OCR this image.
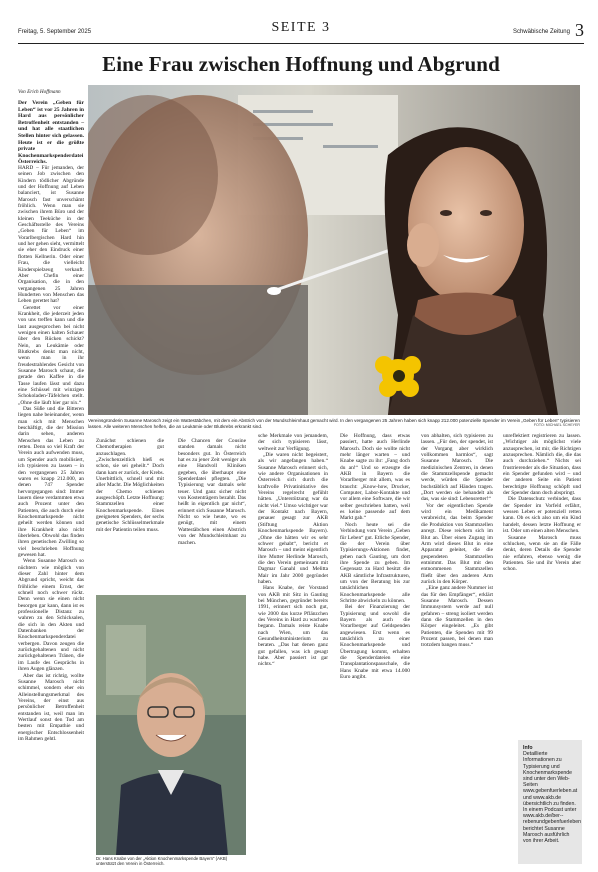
Freitag, 5. September 2025	SEITE 3	Schwäbische Zeitung 3
Eine Frau zwischen Hoffnung und Abgrund
Von Erich Hoffmann
Der Verein „Geben für Leben“ ist vor 25 Jahren in Hard aus persönlicher Betroffenheit entstanden – und hat alle staatlichen Stellen hinter sich gelassen. Heute ist er die größte private Knochenmarkspenderdatei Österreichs.
Vereinsgründerin Susanne Marosch zeigt ein Wattestäbchen, mit dem ein Abstrich von der Mundschleimhaut gemacht wird. In den vergangenen 25 Jahren haben sich knapp 212.000 potenzielle Spender im Verein „Geben für Leben“ typisieren lassen. Alle weiteren Menschen helfen, die an Leukämie oder Blutkrebs erkrankt sind.	FOTO: MICHAEL SCHEYER

HARD – Für jemanden, der seinen Job zwischen den Kindern tödlicher Abgründe und der Hoffnung auf Leben balanciert, ist Susanne Marosch fast unverschämt fröhlich. Wenn man sie zwischen ihrem Büro und der kleinen Teeküche in der Geschäftsstelle des Vereins „Geben für Leben“ im Vorarlbergischen Hard hin und her gehen sieht, vermittelt sie eher den Eindruck einer flotten Kellnerin. Oder einer Frau, die vielleicht Kinderspielzeug verkauft. Aber Chefin einer Organisation, die in den vergangenen 25 Jahren Hunderten von Menschen das Leben gerettet hat?

Gerettet vor einer Krankheit, die jederzeit jeden von uns treffen kann und die laut ausgesprochen bei nicht wenigen einen kalten Schauer über den Rücken schickt? Nein, an Leukämie oder Blutkrebs denkt man nicht, wenn man in ihr freudestrahlendes Gesicht von Susanne Marosch schaut, die gerade den Kaffee in die Tasse laufen lässt und dazu eine Schüssel mit winzigen Schokoladen-Täfelchen stellt. „Ohne die läuft hier gar nix.“

Das Süße und die Bitteren liegen nahe beieinander, wenn man sich mit Menschen beschäftigt, die der Mission darin sehen, anderen Menschen das Leben zu retten. Denn so viel Kraft der Verein auch aufwenden muss, um Spender auch mobilisiert, ich typisieren zu lassen – in den vergangenen 25 Jahren waren es knapp 212.000, an denen 747 Spender hervorgegangen sind: Immer lauern diese verdammten etwa auch Prozent unter den Patienten, die auch durch eine Knochenmarkspende nicht geheilt werden können und ihre Krankheit also nicht überleben. Obwohl das finden ihren genetischen Zwilling so viel beschrieben Hoffnung gewesen hat.

Wenn Susanne Marosch so nüchtern wie möglich von dieser Zahl hinter dem Abgrund spricht, weicht das fröhliche einem Ernst, der schnell noch schwer rückt. Denn wenn sie einen nicht besorgen gar kann, dann ist es professionelle Distanz zu wahren zu den Schicksalen, die sich in den Akten und Datenbanken der Knochenmarkspenderdatei verbergen. Davon zeugen die zurückgehaltenen und nicht zurückgehaltenen Tränen, die im Laufe des Gesprächs in ihren Augen glänzen.

Aber das ist richtig, wollte Susanne Marosch nicht schimmel, sondern eher ein Alleinstellungsmerkmal des Vereins, der einst aus persönlicher Betroffenheit entstanden ist, weil man im Wertlauf sonst den Tod am besten mit Empathie und energischer Entschlossenheit im Rahmen gehtl.

Zunächst schienen die Chemotherapien gut anzuschlagen. „Zwischenzeitlich hieß es schon, sie sei geheilt.“ Doch dann kam er zurück, der Krebs. Unerbittlich, schnell und mit aller Macht. Die Möglichkeiten der Chemo schienen ausgeschöpft. Letzte Hoffnung: Stammzellen einer Knochenmarkspende. Eines geeigneten Spenders, der sechs genetische Schlüsselmerkmale mit der Patientin teilen muss.

Die Chancen der Cousine standen damals nicht besonders gut. In Österreich hat es zu jener Zeit weniger als eine Handvoll Kliniken gegeben, die überhaupt eine Spenderdatei pflegten. „Die Typisierung war damals sehr teuer. Und ganz sicher nicht von Kostenträgern bezahlt. Das heißt in eigentlich gar nicht“, erinnert sich Susanne Marosch. Nicht so wie heute, wo es genügt, mit einem Wattestäbchen einen Abstrich von der Mundschleimhaut zu machen.

Dr. Hans Knabe von der „Aktion Knochenmarkspende Bayern“ (AKB) unterstützt den Verein in Österreich.

sche Merkmale von jemandem, der sich typisieren lässt, weltweit zur Verfügung.

„Die waren nicht begeistert, als wir angefangen haben.“ Susanne Marosch erinnert sich, wie andere Organisationen in Österreich sich durch die kraftvolle Privatinitiative des Vereins regelrecht gefühlt hätten. „Unterstützung war da nicht viel.“ Umso wichtiger war der Kontakt nach Bayern, genauer gesagt zur AKB (Stiftung Aktion Knochenmarkspende Bayern). „Ohne die hätten wir es sehr schwer gehabt“, bericht et Marosch – und meint eigentlich ihre Mutter Herlinde Marosch, die den Verein gemeinsam mit Dagmar Ganahl und Melitta Mair im Jahr 2000 gegründet haben.

Hans Knabe, der Vorstand von AKB mit Sitz in Gauting bei München, gegründet bereits 1991, erinnert sich noch gut, wie 2000 das kurze Pflänzchen des Vereins in Hard zu wachsen begann. Damals reiste Knabe nach Wien, um das Gesundheitsministerium zu beraten. „Das hat denen ganz gut gefallen, was ich gesagt habe. Aber passiert ist gar nichts.“

Die Hoffnung, dass etwas passiert, hatte auch Herlinde Marosch. Doch sie wollte nicht mehr länger warten – und Knabe sagte zu ihr: „Fang doch du an!“ Und so erzeugte die AKB in Bayern die Vorarlberger mit allem, was es braucht: „Know-how, Drucker, Computer, Labor-Kontakte und vor allem eine Software, die wir selber geschrieben hatten, weil es keine passende auf dem Markt gab.“

Noch heute sei die Verbindung vom Verein „Geben für Leben“ gut. Etliche Spender, die der Verein über Typisierungs-Aktionen findet, gehen nach Gauting, um dort ihre Spende zu geben. Im Gegensatz zu Hard besitzt die AKB sämtliche Infrastrukturen, um von der Beratung bis zur tatsächlichen Knochenmarkspende alle Schritte abwickeln zu können.

Bei der Finanzierung der Typisierung und sowohl die Bayern als auch die Vorarlberger auf Geldspenden angewiesen. Erst wenn es tatsächlich zu einer Knochenmarkspende und Übertragung kommt, erhalten die Spenderdateien eine Transplantationspauschale, die Hans Knabe mit etwa 14.000 Euro angibt.

von abhalten, sich typisieren zu lassen. „Für den, der spendet, ist der Vorgang aber wirklich vollkommen harmlos“, sagt Susanne Marosch. Die medizinischen Zentren, in denen die Stammzellspende gemacht werde, würden die Spender buchstäblich auf Händen tragen. „Dort werden sie behandelt als das, was sie sind: Lebensretter!“

Vor der eigentlichen Spende wird ein Medikament verabreicht, das beim Spender die Produktion von Stammzellen anregt. Diese reichern sich im Blut an. Über einen Zugang im Arm wird dieses Blut in eine Apparatur geleitet, die die gespendeten Stammzellen entnimmt. Das Blut mit den entnommenen Stammzellen fließt über den anderen Arm zurück in den Körper.

„Eine ganz andere Nummer ist das für den Empfänger“, erklärt Susanne Marosch. Dessen Immunsystem werde auf null gefahren – streng isoliert werden dann die Stammzellen in den Körper eingeleitet. „Es gibt Patienten, die Spenden mit 99 Prozent passen, bei denen man trotzdem bangen muss.“

unreflektiert registrieren zu lassen. „Wichtiger als möglichst viele anzusprechen, ist mir, die Richtigen anzusprechen. Nämlich die, die das auch durchziehen.“ Nichts sei frustrierender als die Situation, dass ein Spender gefunden wird – und der anderen Seite ein Patient berechtigte Hoffnung schöpft und der Spender dann doch abspringt.

Die Datenschutz verbindet, dass der Spender im Vorfeld erfährt, wessen Leben er potenziell retten kann. Ob es sich also um ein Kind handelt, dessen letzte Hoffnung er ist. Oder um einen alten Menschen.

Susanne Marosch muss schlucken, wenn sie an die Fälle denkt, deren Details die Spender nie erfahren, ebenso wenig die Patienten. Sie und ihr Verein aber schon.

Info
Detaillierte Informationen zu Typisierung und Knochenmarkspende sind unter den Web-Seiten www.gebenfuerleben.at und www.akb.de übersichtlich zu finden. In einem Podcast unter www.akb.de/ber-rebenundgebenfuerleben berichtet Susanne Marosch ausführlich von ihrer Arbeit.
